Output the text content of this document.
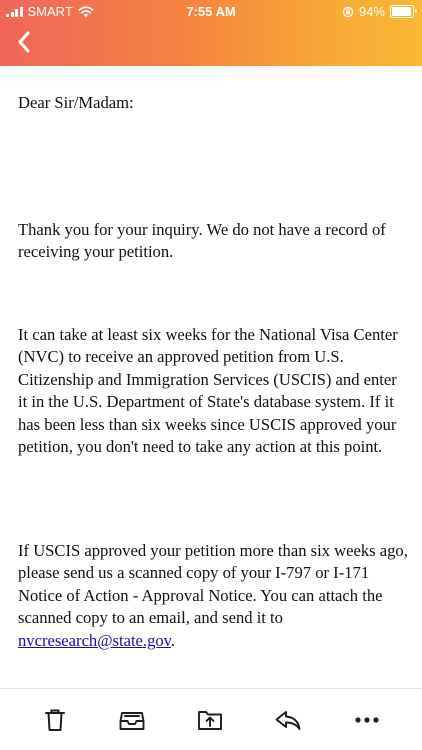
SMART	7:55 AM	94%

Dear Sir/Madam:

Thank you for your inquiry. We do not have a record of receiving your petition.

It can take at least six weeks for the National Visa Center (NVC) to receive an approved petition from U.S. Citizenship and Immigration Services (USCIS) and enter it in the U.S. Department of State's database system. If it has been less than six weeks since USCIS approved your petition, you don't need to take any action at this point.

If USCIS approved your petition more than six weeks ago, please send us a scanned copy of your I-797 or I-171 Notice of Action - Approval Notice. You can attach the scanned copy to an email, and send it to nvcresearch@state.gov.
